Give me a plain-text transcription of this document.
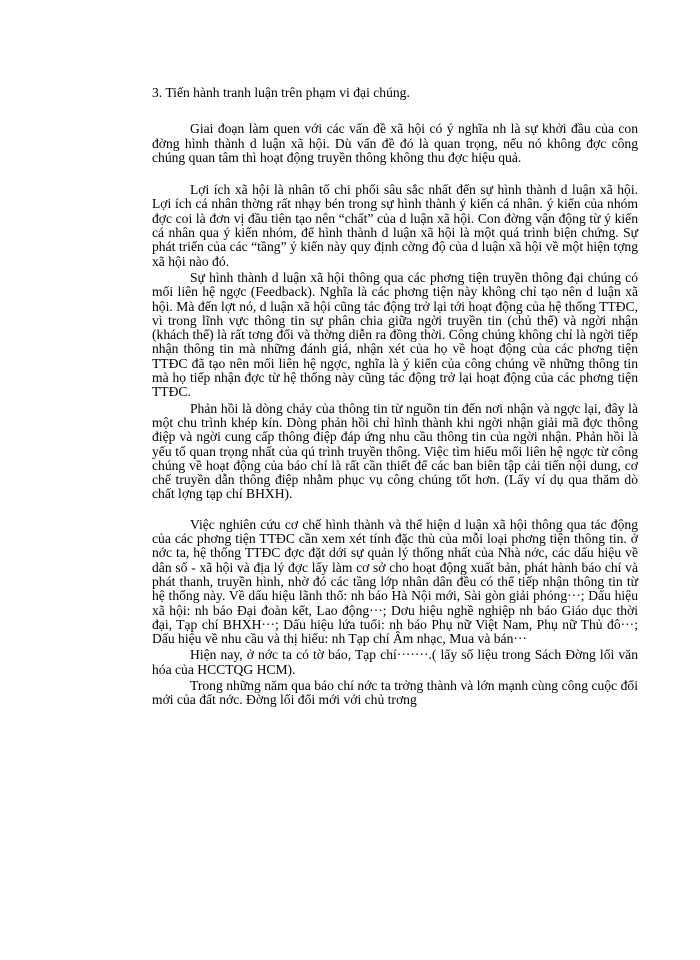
3. Tiến hành tranh luận trên phạm vi đại chúng.

Giai đoạn làm quen với các vấn đề xã hội có ý nghĩa nh là sự khởi đầu của con đờng hình thành d luận xã hội. Dù vấn đề đó là quan trọng, nếu nó không đợc công chúng quan tâm thì hoạt động truyền thông không thu đợc hiệu quả.

Lợi ích xã hội là nhân tố chi phối sâu sắc nhất đến sự hình thành d luận xã hội. Lợi ích cá nhân thờng rất nhạy bén trong sự hình thành ý kiến cá nhân. ý kiến của nhóm đợc coi là đơn vị đầu tiên tạo nên “chất” của d luận xã hội. Con đờng vận động từ ý kiến cá nhân qua ý kiến nhóm, để hình thành d luận xã hội là một quá trình biện chứng. Sự phát triển của các “tầng” ý kiến này quy định cờng độ của d luận xã hội về một hiện tợng xã hội nào đó.

Sự hình thành d luận xã hội thông qua các phơng tiện truyền thông đại chúng có mối liên hệ ngợc (Feedback). Nghĩa là các phơng tiện này không chỉ tạo nên d luận xã hội. Mà đến lợt nó, d luận xã hội cũng tác động trở lại tới hoạt động của hệ thống TTĐC, vì trong lĩnh vực thông tin sự phân chia giữa ngời truyền tin (chủ thể) và ngời nhận (khách thể) là rất tơng đối và thờng diễn ra đồng thời. Công chúng không chỉ là ngời tiếp nhận thông tin mà những đánh giá, nhận xét của họ về hoạt động của các phơng tiện TTĐC đã tạo nên mối liên hệ ngợc, nghĩa là ý kiến của công chúng về những thông tin mà họ tiếp nhận đợc từ hệ thống này cũng tác động trở lại hoạt động của các phơng tiện TTĐC.

Phản hồi là dòng chảy của thông tin từ nguồn tin đến nơi nhận và ngợc lại, đây là một chu trình khép kín. Dòng phản hồi chỉ hình thành khi ngời nhận giải mã đợc thông điệp và ngời cung cấp thông điệp đáp ứng nhu cầu thông tin của ngời nhận. Phản hồi là yếu tố quan trọng nhất của qú trình truyền thông. Việc tìm hiểu mối liên hệ ngợc từ công chúng về hoạt động của báo chí là rất cần thiết để các ban biên tập cải tiến nội dung, cơ chế truyền dẫn thông điệp nhằm phục vụ công chúng tốt hơn. (Lấy ví dụ qua thăm dò chất lợng tạp chí BHXH).

Việc nghiên cứu cơ chế hình thành và thể hiện d luận xã hội thông qua tác động của các phơng tiện TTĐC cần xem xét tính đặc thù của mỗi loại phơng tiện thông tin. ở nớc ta, hệ thống TTĐC đợc đặt dới sự quản lý thống nhất của Nhà nớc, các dấu hiệu về dân số - xã hội và địa lý đợc lấy làm cơ sở cho hoạt động xuất bản, phát hành báo chí và phát thanh, truyền hình, nhờ đó các tầng lớp nhân dân đều có thể tiếp nhận thông tin từ hệ thống này. Về dấu hiệu lãnh thổ: nh báo Hà Nội mới, Sài gòn giải phóng···; Dấu hiệu xã hội: nh báo Đại đoàn kết, Lao động···; Dơu hiệu nghề nghiệp nh báo Giáo dục thời đại, Tạp chí BHXH···; Dấu hiệu lứa tuổi: nh báo Phụ nữ Việt Nam, Phụ nữ Thủ đô···; Dấu hiệu về nhu cầu và thị hiếu: nh Tạp chí Âm nhạc, Mua và bán···

Hiện nay, ở nớc ta có tờ báo, Tạp chí·······.( lấy số liệu trong Sách Đờng lối văn hóa của HCCTQG HCM).

Trong những năm qua báo chí nớc ta trởng thành và lớn mạnh cùng công cuộc đổi mới của đất nớc. Đờng lối đổi mới với chủ trơng
